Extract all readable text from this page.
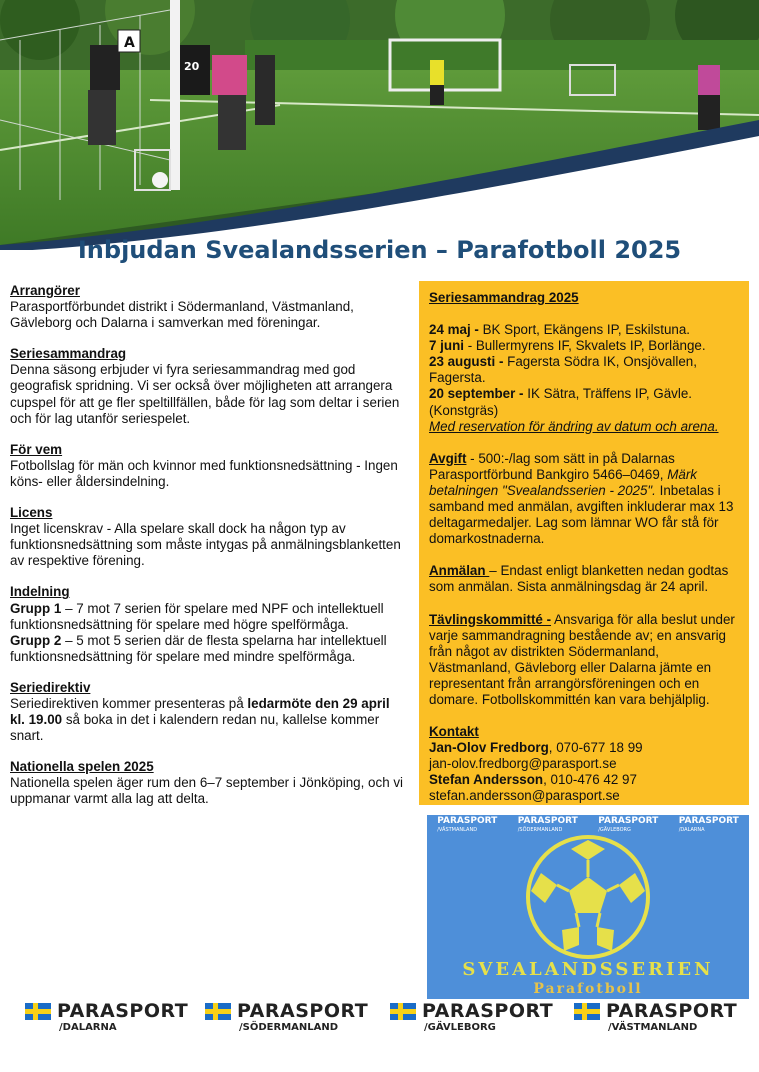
A
20
Inbjudan Svealandsserien – Parafotboll 2025

Arrangörer

Parasportförbundet distrikt i Södermanland, Västmanland, Gävleborg och Dalarna i samverkan med föreningar.

Seriesammandrag

Denna säsong erbjuder vi fyra seriesammandrag med god geografisk spridning. Vi ser också över möjligheten att arrangera cupspel för att ge fler speltillfällen, både för lag som deltar i serien och för lag utanför seriespelet.

För vem

Fotbollslag för män och kvinnor med funktionsnedsättning - Ingen köns- eller åldersindelning.

Licens

Inget licenskrav - Alla spelare skall dock ha någon typ av funktionsnedsättning som måste intygas på anmälningsblanketten av respektive förening.

Indelning

Grupp 1 – 7 mot 7 serien för spelare med NPF och intellektuell funktionsnedsättning för spelare med högre spelförmåga.

Grupp 2 – 5 mot 5 serien där de flesta spelarna har intellektuell funktionsnedsättning för spelare med mindre spelförmåga.

Seriedirektiv

Seriedirektiven kommer presenteras på ledarmöte den 29 april kl. 19.00 så boka in det i kalendern redan nu, kallelse kommer snart.

Nationella spelen 2025

Nationella spelen äger rum den 6–7 september i Jönköping, och vi uppmanar varmt alla lag att delta.

Seriesammandrag 2025

24 maj - BK Sport, Ekängens IP, Eskilstuna.

7 juni - Bullermyrens IF, Skvalets IP, Borlänge.

23 augusti - Fagersta Södra IK, Onsjövallen, Fagersta.

20 september - IK Sätra, Träffens IP, Gävle. (Konstgräs)

Med reservation för ändring av datum och arena.

Avgift - 500:-/lag som sätt in på Dalarnas Parasportförbund Bankgiro 5466–0469, Märk betalningen "Svealandsserien - 2025". Inbetalas i samband med anmälan, avgiften inkluderar max 13 deltagarmedaljer. Lag som lämnar WO får stå för domarkostnaderna.

Anmälan – Endast enligt blanketten nedan godtas som anmälan. Sista anmälningsdag är 24 april.

Tävlingskommitté - Ansvariga för alla beslut under varje sammandragning bestående av; en ansvarig från något av distrikten Södermanland, Västmanland, Gävleborg eller Dalarna jämte en representant från arrangörsföreningen och en domare. Fotbollskommittén kan vara behjälplig.

Kontakt

Jan-Olov Fredborg, 070-677 18 99

jan-olov.fredborg@parasport.se

Stefan Andersson, 010-476 42 97

stefan.andersson@parasport.se

PARASPORT
/VÄSTMANLAND
PARASPORT
/SÖDERMANLAND
PARASPORT
/GÄVLEBORG
PARASPORT
/DALARNA
SVEALANDSSERIEN
Parafotboll
PARASPORT
/DALARNA
PARASPORT
/SÖDERMANLAND
PARASPORT
/GÄVLEBORG
PARASPORT
/VÄSTMANLAND
